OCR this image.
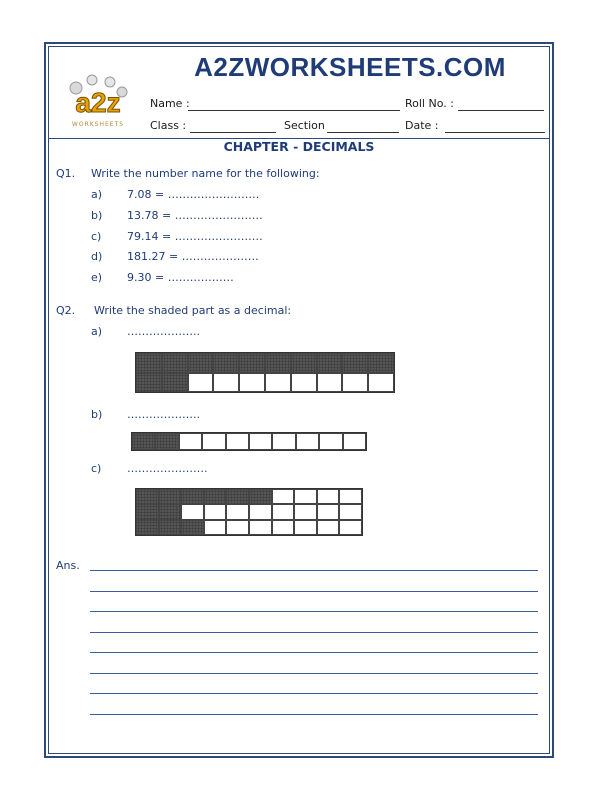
a2z
WORKSHEETS
A2ZWORKSHEETS.COM
Name :	Roll No. :
Class :	Section	Date :
CHAPTER - DECIMALS
Q1. Write the number name for the following:
a) 7.08 = …………………….
b) 13.78 = ……………………
c) 79.14 = ……………………
d) 181.27 = …………………
e) 9.30 = ………………
Q2. Write the shaded part as a decimal:
a) ………………..
b) ………………..
c) ………………….
Ans.
